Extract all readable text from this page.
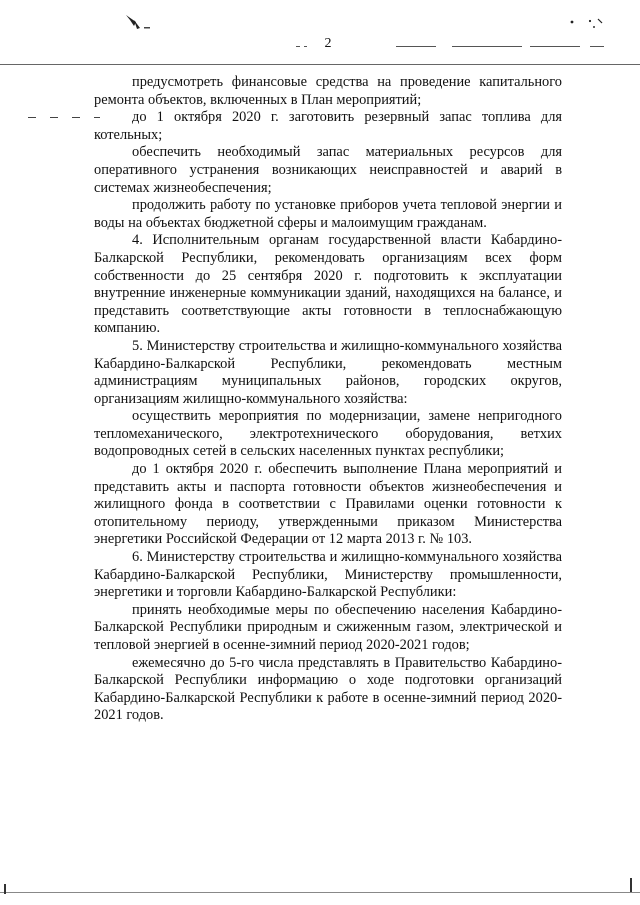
2

предусмотреть финансовые средства на проведение капитального ремонта объектов, включенных в План мероприятий;

до 1 октября 2020 г. заготовить резервный запас топлива для котельных;

обеспечить необходимый запас материальных ресурсов для оперативного устранения возникающих неисправностей и аварий в системах жизнеобеспечения;

продолжить работу по установке приборов учета тепловой энергии и воды на объектах бюджетной сферы и малоимущим гражданам.

4. Исполнительным органам государственной власти Кабардино-Балкарской Республики, рекомендовать организациям всех форм собственности до 25 сентября 2020 г. подготовить к эксплуатации внутренние инженерные коммуникации зданий, находящихся на балансе, и представить соответствующие акты готовности в теплоснабжающую компанию.

5. Министерству строительства и жилищно-коммунального хозяйства Кабардино-Балкарской Республики, рекомендовать местным администрациям муниципальных районов, городских округов, организациям жилищно-коммунального хозяйства:

осуществить мероприятия по модернизации, замене непригодного тепломеханического, электротехнического оборудования, ветхих водопроводных сетей в сельских населенных пунктах республики;

до 1 октября 2020 г. обеспечить выполнение Плана мероприятий и представить акты и паспорта готовности объектов жизнеобеспечения и жилищного фонда в соответствии с Правилами оценки готовности к отопительному периоду, утвержденными приказом Министерства энергетики Российской Федерации от 12 марта 2013 г. № 103.

6. Министерству строительства и жилищно-коммунального хозяйства Кабардино-Балкарской Республики, Министерству промышленности, энергетики и торговли Кабардино-Балкарской Республики:

принять необходимые меры по обеспечению населения Кабардино-Балкарской Республики природным и сжиженным газом, электрической и тепловой энергией в осенне-зимний период 2020-2021 годов;

ежемесячно до 5-го числа представлять в Правительство Кабардино-Балкарской Республики информацию о ходе подготовки организаций Кабардино-Балкарской Республики к работе в осенне-зимний период 2020-2021 годов.
